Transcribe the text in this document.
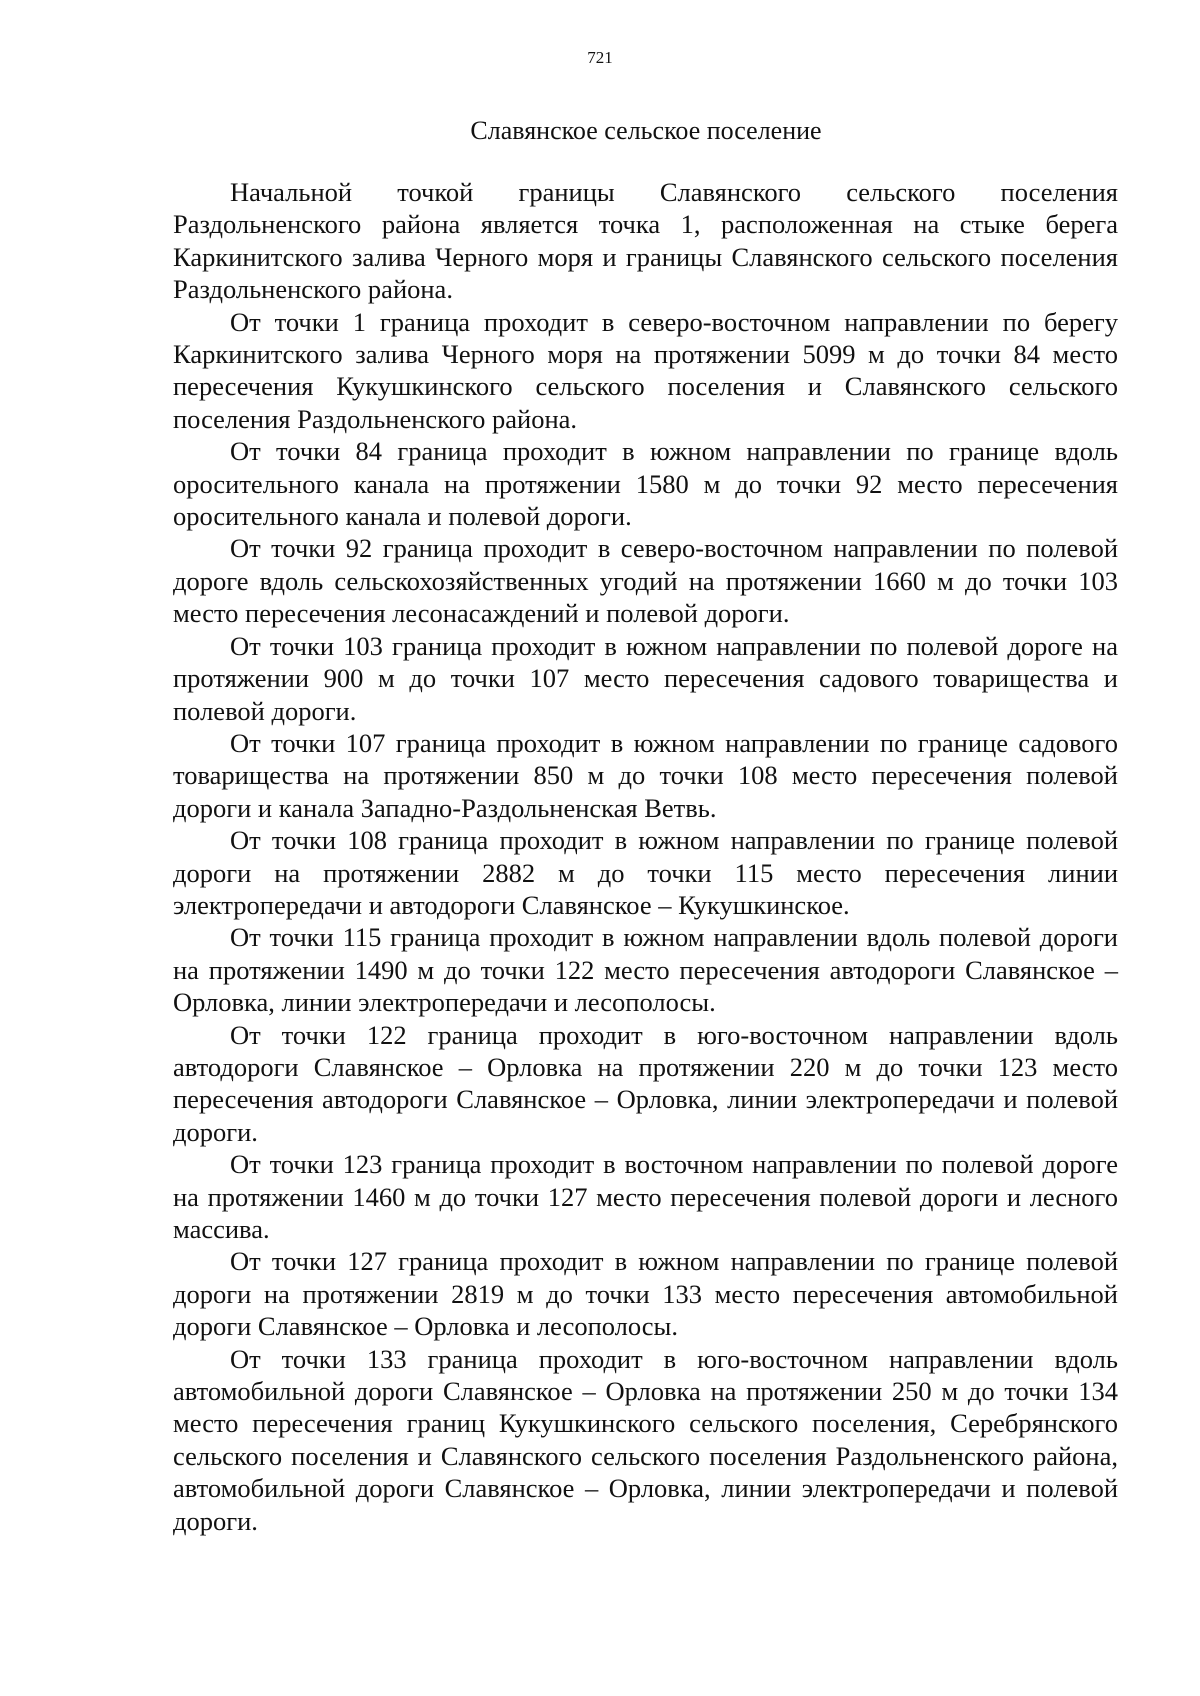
721
Славянское сельское поселение

Начальной точкой границы Славянского сельского поселения Раздольненского района является точка 1, расположенная на стыке берега Каркинитского залива Черного моря и границы Славянского сельского поселения Раздольненского района.

От точки 1 граница проходит в северо-восточном направлении по берегу Каркинитского залива Черного моря на протяжении 5099 м до точки 84 место пересечения Кукушкинского сельского поселения и Славянского сельского поселения Раздольненского района.

От точки 84 граница проходит в южном направлении по границе вдоль оросительного канала на протяжении 1580 м до точки 92 место пересечения оросительного канала и полевой дороги.

От точки 92 граница проходит в северо-восточном направлении по полевой дороге вдоль сельскохозяйственных угодий на протяжении 1660 м до точки 103 место пересечения лесонасаждений и полевой дороги.

От точки 103 граница проходит в южном направлении по полевой дороге на протяжении 900 м до точки 107 место пересечения садового товарищества и полевой дороги.

От точки 107 граница проходит в южном направлении по границе садового товарищества на протяжении 850 м до точки 108 место пересечения полевой дороги и канала Западно-Раздольненская Ветвь.

От точки 108 граница проходит в южном направлении по границе полевой дороги на протяжении 2882 м до точки 115 место пересечения линии электропередачи и автодороги Славянское – Кукушкинское.

От точки 115 граница проходит в южном направлении вдоль полевой дороги на протяжении 1490 м до точки 122 место пересечения автодороги Славянское – Орловка, линии электропередачи и лесополосы.

От точки 122 граница проходит в юго-восточном направлении вдоль автодороги Славянское – Орловка на протяжении 220 м до точки 123 место пересечения автодороги Славянское – Орловка, линии электропередачи и полевой дороги.

От точки 123 граница проходит в восточном направлении по полевой дороге на протяжении 1460 м до точки 127 место пересечения полевой дороги и лесного массива.

От точки 127 граница проходит в южном направлении по границе полевой дороги на протяжении 2819 м до точки 133 место пересечения автомобильной дороги Славянское – Орловка и лесополосы.

От точки 133 граница проходит в юго-восточном направлении вдоль автомобильной дороги Славянское – Орловка на протяжении 250 м до точки 134 место пересечения границ Кукушкинского сельского поселения, Серебрянского сельского поселения и Славянского сельского поселения Раздольненского района, автомобильной дороги Славянское – Орловка, линии электропередачи и полевой дороги.
